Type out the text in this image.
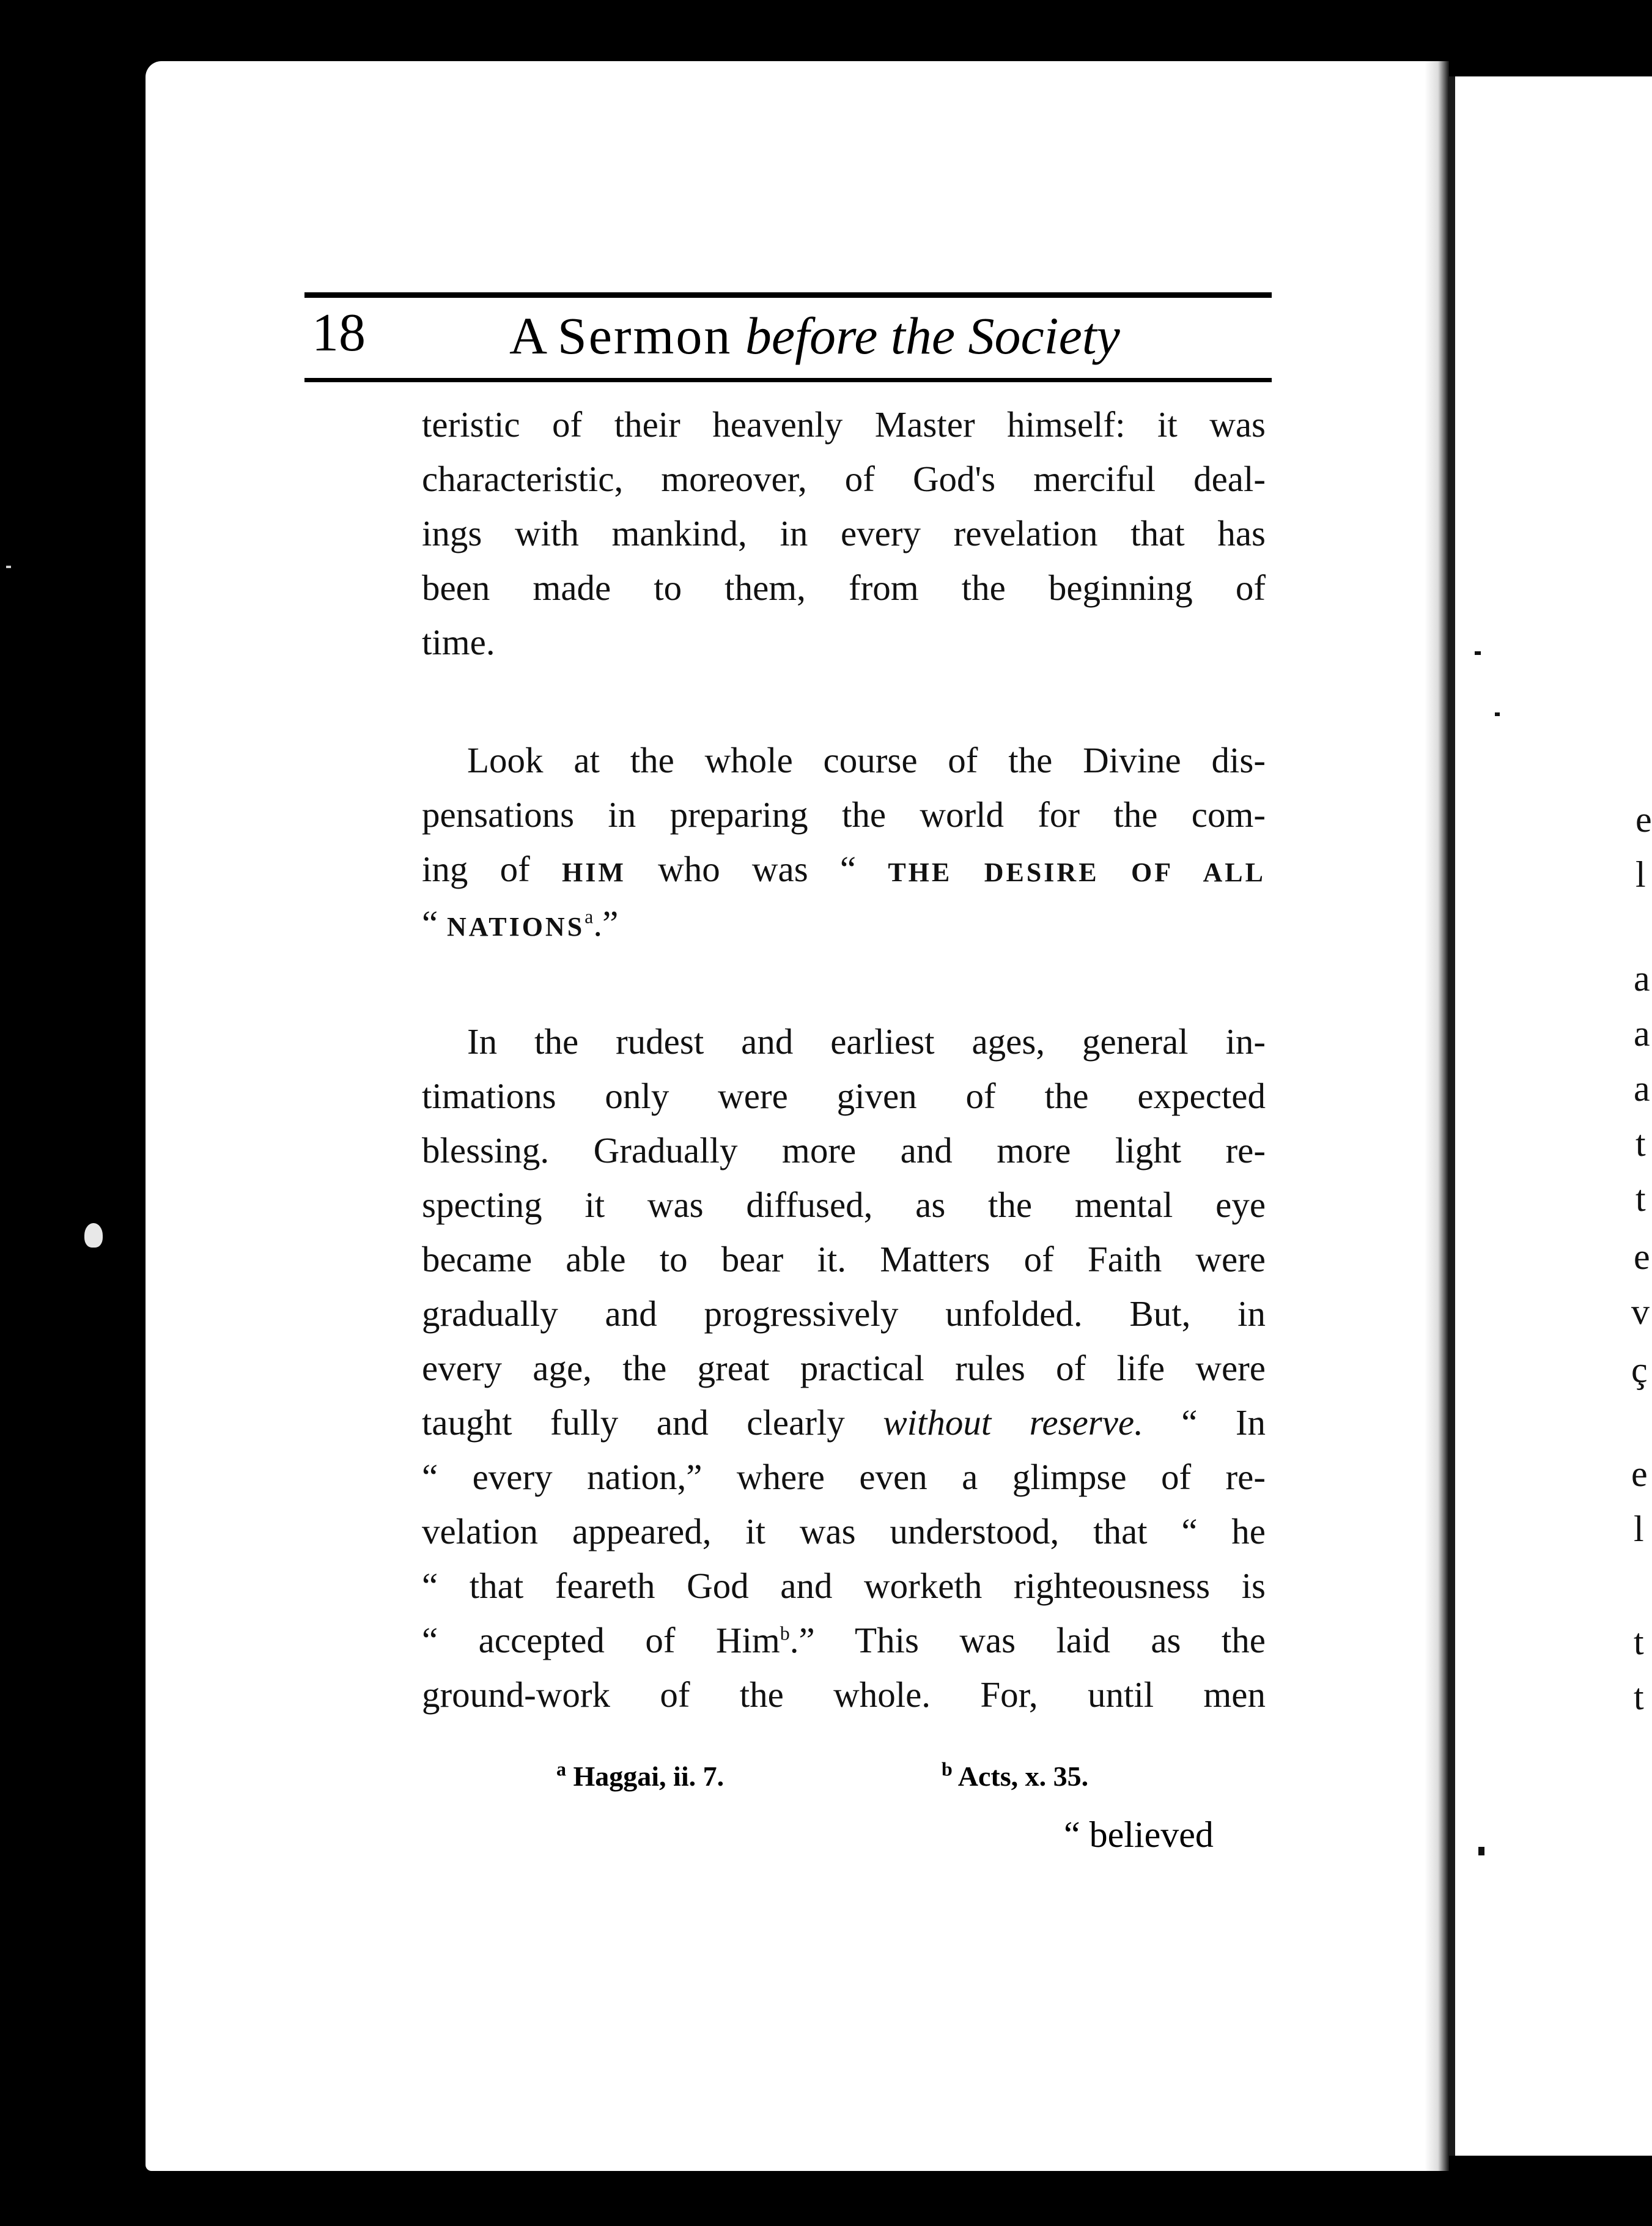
18	A Sermon before the Society
teristic of their heavenly Master himself: it was
characteristic, moreover, of God's merciful deal-
ings with mankind, in every revelation that has
been made to them, from the beginning of
time.
Look at the whole course of the Divine dis-
pensations in preparing the world for the com-
ing of HIM who was “ THE DESIRE OF ALL
“ NATIONS$^a$.”
In the rudest and earliest ages, general in-
timations only were given of the expected
blessing. Gradually more and more light re-
specting it was diffused, as the mental eye
became able to bear it. Matters of Faith were
gradually and progressively unfolded. But, in
every age, the great practical rules of life were
taught fully and clearly without reserve. “ In
“ every nation,” where even a glimpse of re-
velation appeared, it was understood, that “ he
“ that feareth God and worketh righteousness is
“ accepted of Him$^b$.” This was laid as the
ground-work of the whole. For, until men
$^a$ Haggai, ii. 7.	$^b$ Acts, x. 35.
“ believed
e
l
a
a
a
t
t
e
v
ç
e
l
t
t
